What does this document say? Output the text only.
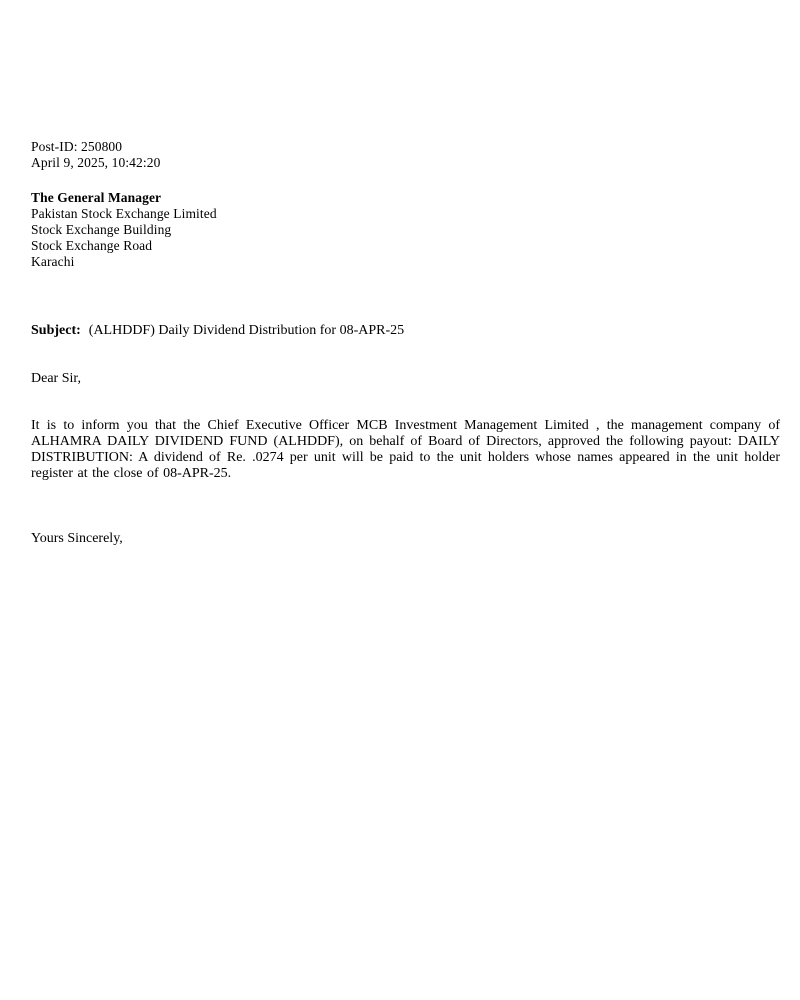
Post-ID: 250800
April 9, 2025, 10:42:20
The General Manager
Pakistan Stock Exchange Limited
Stock Exchange Building
Stock Exchange Road
Karachi
Subject: (ALHDDF) Daily Dividend Distribution for 08-APR-25
Dear Sir,
It is to inform you that the Chief Executive Officer MCB Investment Management Limited , the management company of ALHAMRA DAILY DIVIDEND FUND (ALHDDF), on behalf of Board of Directors, approved the following payout: DAILY DISTRIBUTION: A dividend of Re. .0274 per unit will be paid to the unit holders whose names appeared in the unit holder register at the close of 08-APR-25.
Yours Sincerely,
